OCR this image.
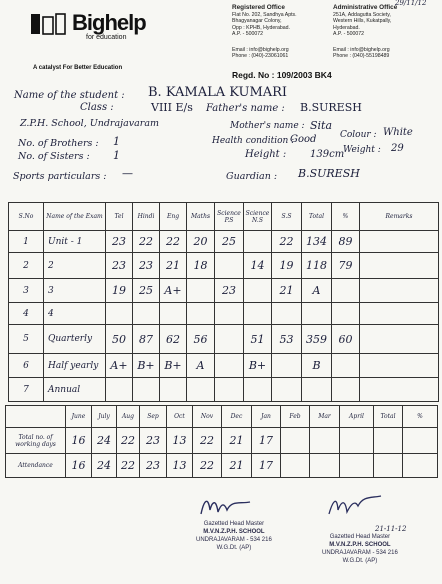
Bighelp
for education
A catalyst For Better Education
Registered Office
Flat No. 202, Sandhya Apts.
Bhagyanagar Colony,
Opp : KPHB, Hyderabad.
A.P. - 500072
Email : info@bighelp.org
Phone : (040)-23061061
Administrative Office
251A, Addagutta Society,
Western Hills, Kukatpally,
Hyderabad.
A.P. - 500072
Email : info@bighelp.org
Phone : (040)-55198489
29/11/12
Regd. No : 109/2003 BK4
Name of the student : B. KAMALA KUMARI
Class :	VIII E/s Father's name : B.SURESH
Z.P.H. School, Undrajavaram	Mother's name : Sita
No. of Brothers : 1	Health condition :
Good	Colour : White
No. of Sisters : 1	Height : 139cm
Weight : 29
Sports particulars : —	Guardian : B.SURESH
S.No	Name of the Exam	Tel	Hindi	Eng	Maths	Science P.S	Science N.S	S.S	Total	%	Remarks
1	Unit - 1	23	22	22	20	25		22	134	89	
2	2	23	23	21	18		14	19	118	79	
3	3	19	25	A+		23		21	A		
4	4										
5	Quarterly	50	87	62	56		51	53	359	60	
6	Half yearly	A+	B+	B+	A		B+		B		
7	Annual										
	June	July	Aug	Sep	Oct	Nov	Dec	Jan	Feb	Mar	April	Total	%
Total no. of working days	16	24	22	23	13	22	21	17					
Attendance	16	24	22	23	13	22	21	17					
Gazetted Head Master
M.V.N.Z.P.H. SCHOOL
UNDRAJAVARAM - 534 216
W.G.Dt. (AP)
21-11-12
Gazetted Head Master
M.V.N.Z.P.H. SCHOOL
UNDRAJAVARAM - 534 216
W.G.Dt. (AP)
